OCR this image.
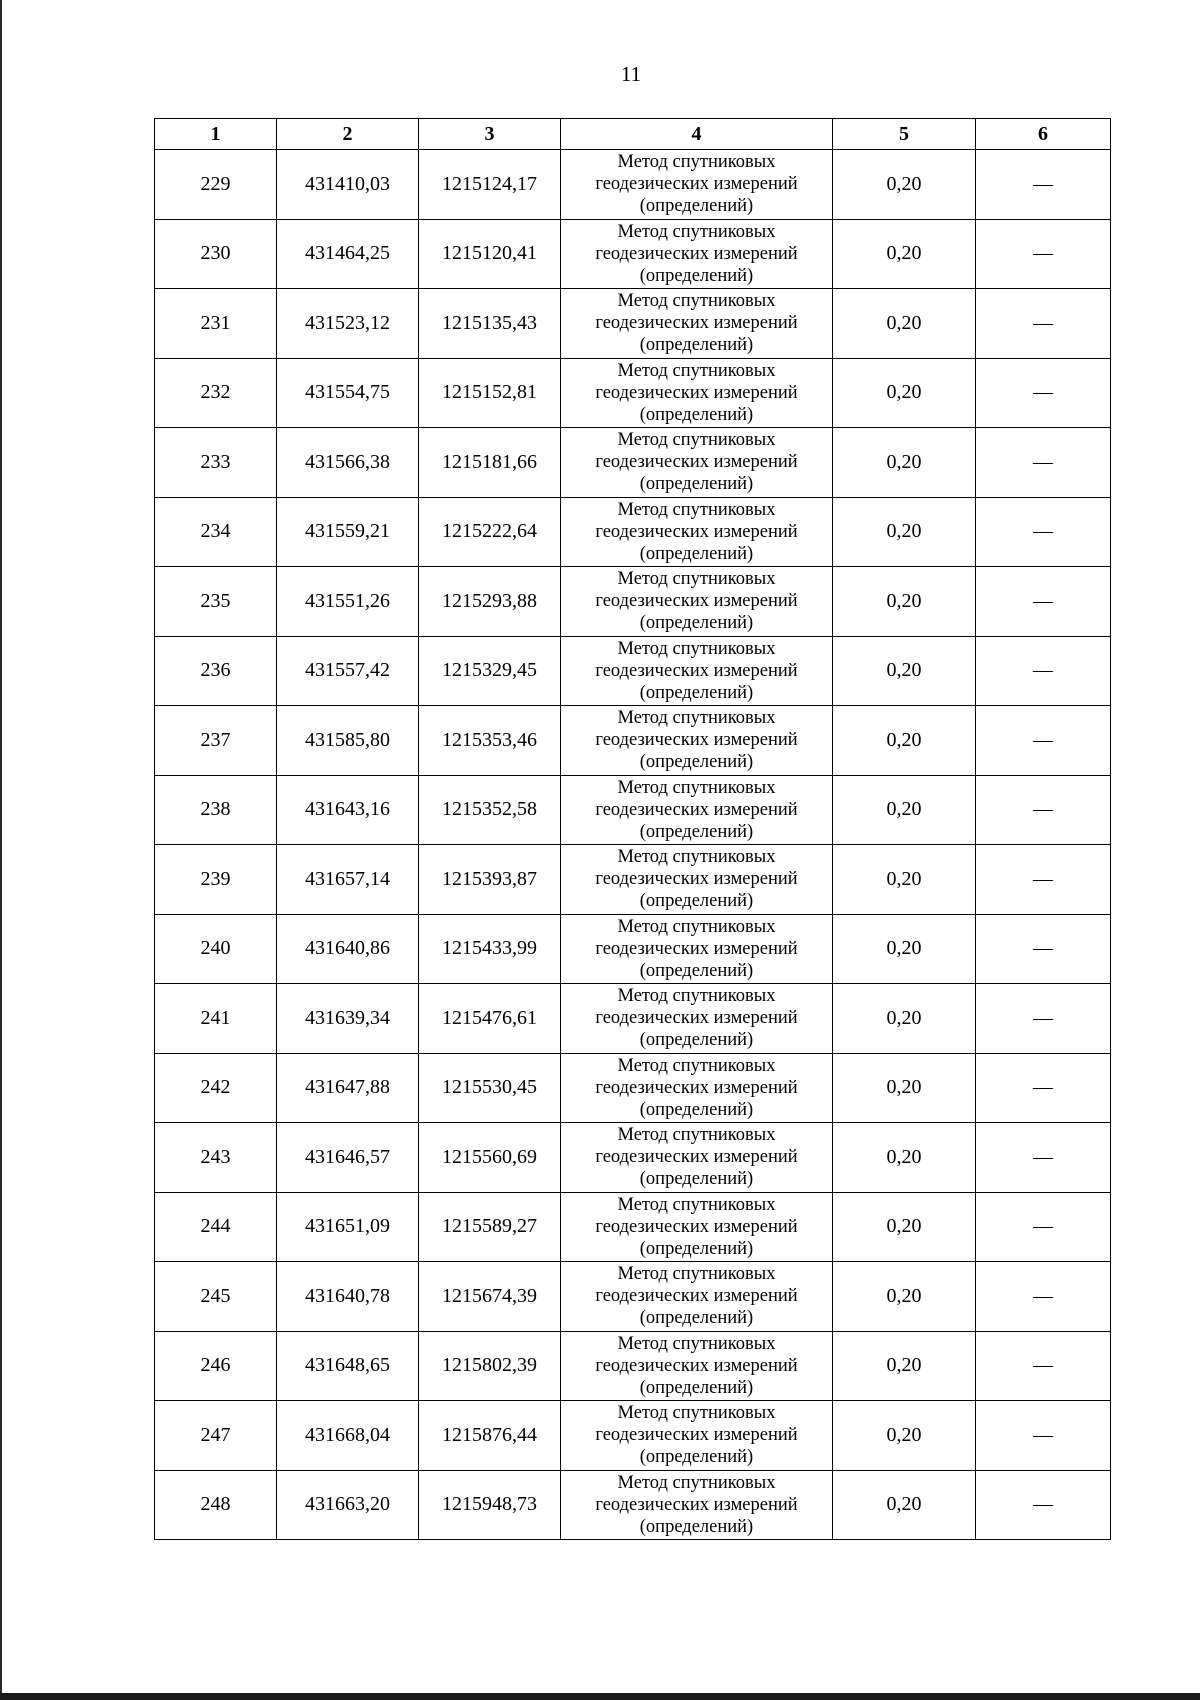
11
1	2	3	4	5	6
229	431410,03	1215124,17	Метод спутниковых
геодезических измерений
(определений)	0,20	—
230	431464,25	1215120,41	Метод спутниковых
геодезических измерений
(определений)	0,20	—
231	431523,12	1215135,43	Метод спутниковых
геодезических измерений
(определений)	0,20	—
232	431554,75	1215152,81	Метод спутниковых
геодезических измерений
(определений)	0,20	—
233	431566,38	1215181,66	Метод спутниковых
геодезических измерений
(определений)	0,20	—
234	431559,21	1215222,64	Метод спутниковых
геодезических измерений
(определений)	0,20	—
235	431551,26	1215293,88	Метод спутниковых
геодезических измерений
(определений)	0,20	—
236	431557,42	1215329,45	Метод спутниковых
геодезических измерений
(определений)	0,20	—
237	431585,80	1215353,46	Метод спутниковых
геодезических измерений
(определений)	0,20	—
238	431643,16	1215352,58	Метод спутниковых
геодезических измерений
(определений)	0,20	—
239	431657,14	1215393,87	Метод спутниковых
геодезических измерений
(определений)	0,20	—
240	431640,86	1215433,99	Метод спутниковых
геодезических измерений
(определений)	0,20	—
241	431639,34	1215476,61	Метод спутниковых
геодезических измерений
(определений)	0,20	—
242	431647,88	1215530,45	Метод спутниковых
геодезических измерений
(определений)	0,20	—
243	431646,57	1215560,69	Метод спутниковых
геодезических измерений
(определений)	0,20	—
244	431651,09	1215589,27	Метод спутниковых
геодезических измерений
(определений)	0,20	—
245	431640,78	1215674,39	Метод спутниковых
геодезических измерений
(определений)	0,20	—
246	431648,65	1215802,39	Метод спутниковых
геодезических измерений
(определений)	0,20	—
247	431668,04	1215876,44	Метод спутниковых
геодезических измерений
(определений)	0,20	—
248	431663,20	1215948,73	Метод спутниковых
геодезических измерений
(определений)	0,20	—
